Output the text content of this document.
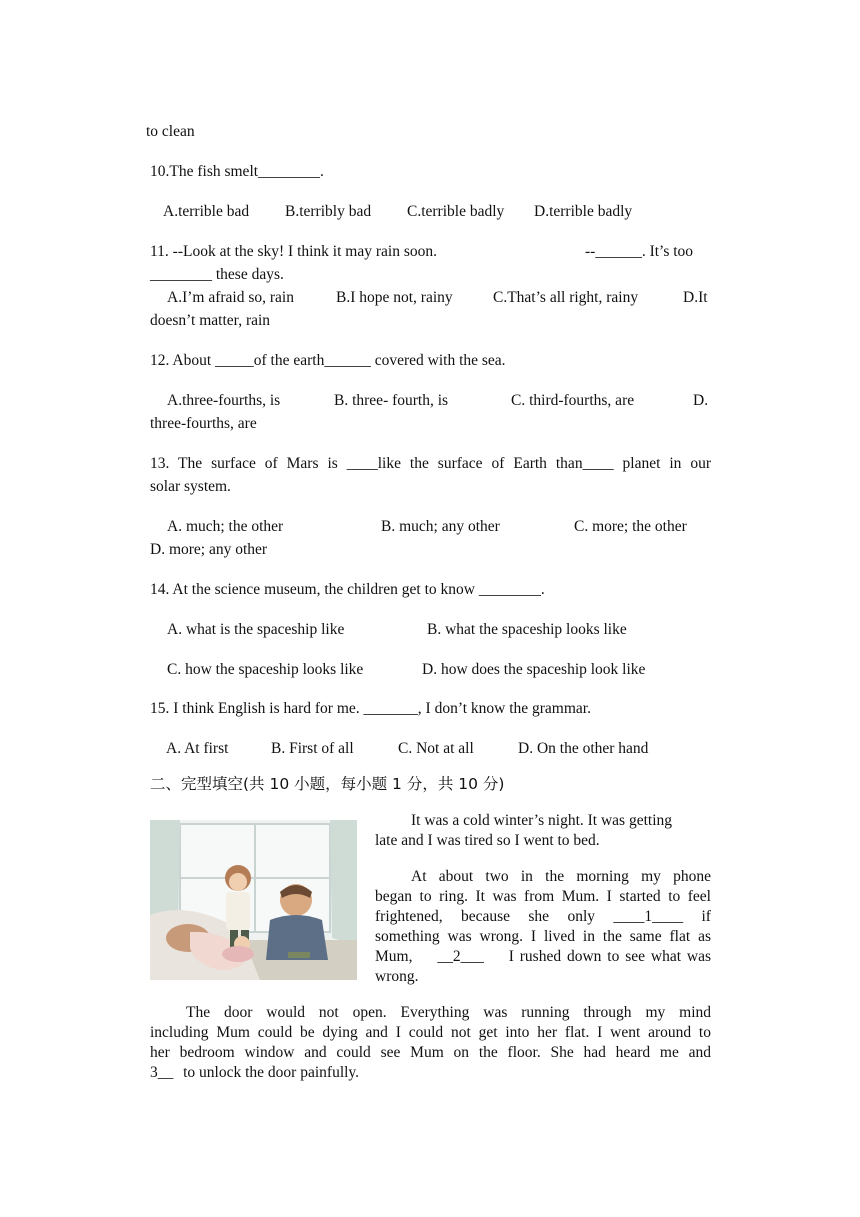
to clean
10.The fish smelt________.
A.terrible bad B.terribly bad C.terrible badly D.terrible badly
11. --Look at the sky! I think it may rain soon.	--______. It’s too
________ these days.
A.I’m afraid so, rain	B.I hope not, rainy	C.That’s all right, rainy	D.It
doesn’t matter, rain
12. About _____of the earth______ covered with the sea.
A.three-fourths, is	B. three- fourth, is	C. third-fourths, are	D.
three-fourths, are
13. The surface of Mars is ____like the surface of Earth than____ planet in our
solar system.
A. much; the other	B. much; any other	C. more; the other
D. more; any other
14. At the science museum, the children get to know ________.
A. what is the spaceship like	B. what the spaceship looks like
C. how the spaceship looks like	D. how does the spaceship look like
15. I think English is hard for me. _______, I don’t know the grammar.
A. At first	B. First of all	C. Not at all	D. On the other hand
二、完型填空(共 10 小题，每小题 1 分，共 10 分)
It was a cold winter’s night. It was getting
late and I was tired so I went to bed.
At about two in the morning my phone
began to ring. It was from Mum. I started to feel
frightened, because she only ____1____ if
something was wrong. I lived in the same flat as
Mum, __2___ I rushed down to see what was
wrong.
The door would not open. Everything was running through my mind
including Mum could be dying and I could not get into her flat. I went around to
her bedroom window and could see Mum on the floor. She had heard me and
3__ to unlock the door painfully.
